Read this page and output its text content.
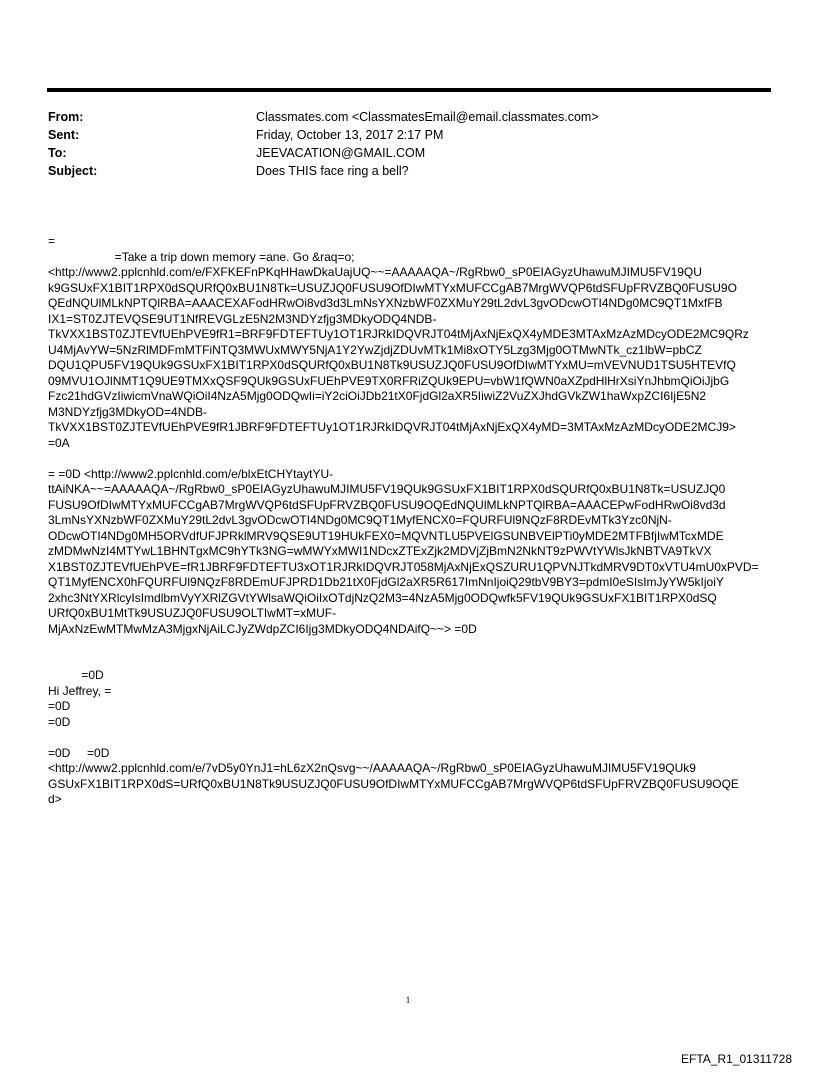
From:	Classmates.com <ClassmatesEmail@email.classmates.com>
Sent:	Friday, October 13, 2017 2:17 PM
To:	JEEVACATION@GMAIL.COM
Subject:	Does THIS face ring a bell?
=
=Take a trip down memory =ane. Go &raq=o;
<http://www2.pplcnhld.com/e/FXFKEFnPKqHHawDkaUajUQ~~=AAAAAQA~/RgRbw0_sP0EIAGyzUhawuMJIMU5FV19QU
k9GSUxFX1BIT1RPX0dSQURfQ0xBU1N8Tk=USUZJQ0FUSU9OfDIwMTYxMUFCCgAB7MrgWVQP6tdSFUpFRVZBQ0FUSU9O
QEdNQUlMLkNPTQlRBA=AAACEXAFodHRwOi8vd3d3LmNsYXNzbWF0ZXMuY29tL2dvL3gvODcwOTI4NDg0MC9QT1MxfFB
IX1=ST0ZJTEVQSE9UT1NfREVGLzE5N2M3NDYzfjg3MDkyODQ4NDB-
TkVXX1BST0ZJTEVfUEhPVE9fR1=BRF9FDTEFTUy1OT1RJRkIDQVRJT04tMjAxNjExQX4yMDE3MTAxMzAzMDcyODE2MC9QRz
U4MjAvYW=5NzRlMDFmMTFiNTQ3MWUxMWY5NjA1Y2YwZjdjZDUvMTk1Mi8xOTY5Lzg3Mjg0OTMwNTk_cz1lbW=pbCZ
DQU1QPU5FV19QUk9GSUxFX1BIT1RPX0dSQURfQ0xBU1N8Tk9USUZJQ0FUSU9OfDIwMTYxMU=mVEVNUD1TSU5HTEVfQ
09MVU1OJlNMT1Q9UE9TMXxQSF9QUk9GSUxFUEhPVE9TX0RFRiZQUk9EPU=vbW1fQWN0aXZpdHlHrXsiYnJhbmQiOiJjbG
Fzc21hdGVzIiwicmVnaWQiOiI4NzA5Mjg0ODQwIi=iY2ciOiJDb21tX0FjdGl2aXR5IiwiZ2VuZXJhdGVkZW1haWxpZCI6IjE5N2
M3NDYzfjg3MDkyOD=4NDB-
TkVXX1BST0ZJTEVfUEhPVE9fR1JBRF9FDTEFTUy1OT1RJRkIDQVRJT04tMjAxNjExQX4yMD=3MTAxMzAzMDcyODE2MCJ9>
=0A
= =0D <http://www2.pplcnhld.com/e/blxEtCHYtaytYU-
ttAiNKA~~=AAAAAQA~/RgRbw0_sP0EIAGyzUhawuMJIMU5FV19QUk9GSUxFX1BIT1RPX0dSQURfQ0xBU1N8Tk=USUZJQ0
FUSU9OfDIwMTYxMUFCCgAB7MrgWVQP6tdSFUpFRVZBQ0FUSU9OQEdNQUlMLkNPTQlRBA=AAACEPwFodHRwOi8vd3d
3LmNsYXNzbWF0ZXMuY29tL2dvL3gvODcwOTI4NDg0MC9QT1MyfENCX0=FQURFUl9NQzF8RDEvMTk3Yzc0NjN-
ODcwOTI4NDg0MH5ORVdfUFJPRklMRV9QSE9UT19HUkFEX0=MQVNTLU5PVElGSUNBVElPTi0yMDE2MTFBfjIwMTcxMDE
zMDMwNzI4MTYwL1BHNTgxMC9hYTk3NG=wMWYxMWI1NDcxZTExZjk2MDVjZjBmN2NkNT9zPWVtYWlsJkNBTVA9TkVX
X1BST0ZJTEVfUEhPVE=fR1JBRF9FDTEFTU3xOT1RJRkIDQVRJT058MjAxNjExQSZURU1QPVNJTkdMRV9DT0xVTU4mU0xPVD=
QT1MyfENCX0hFQURFUl9NQzF8RDEmUFJPRD1Db21tX0FjdGl2aXR5R617ImNnIjoiQ29tbV9BY3=pdmI0eSIsImJyYW5kIjoiY
2xhc3NtYXRlcyIsImdlbmVyYXRlZGVtYWlsaWQiOiIxOTdjNzQ2M3=4NzA5Mjg0ODQwfk5FV19QUk9GSUxFX1BIT1RPX0dSQ
URfQ0xBU1MtTk9USUZJQ0FUSU9OLTIwMT=xMUF-
MjAxNzEwMTMwMzA3MjgxNjAiLCJyZWdpZCI6Ijg3MDkyODQ4NDAifQ~~> =0D
=0D
Hi Jeffrey, =
=0D
=0D
=0D     =0D
<http://www2.pplcnhld.com/e/7vD5y0YnJ1=hL6zX2nQsvg~~/AAAAAQA~/RgRbw0_sP0EIAGyzUhawuMJIMU5FV19QUk9
GSUxFX1BIT1RPX0dS=URfQ0xBU1N8Tk9USUZJQ0FUSU9OfDIwMTYxMUFCCgAB7MrgWVQP6tdSFUpFRVZBQ0FUSU9OQE
d>
1
EFTA_R1_01311728
